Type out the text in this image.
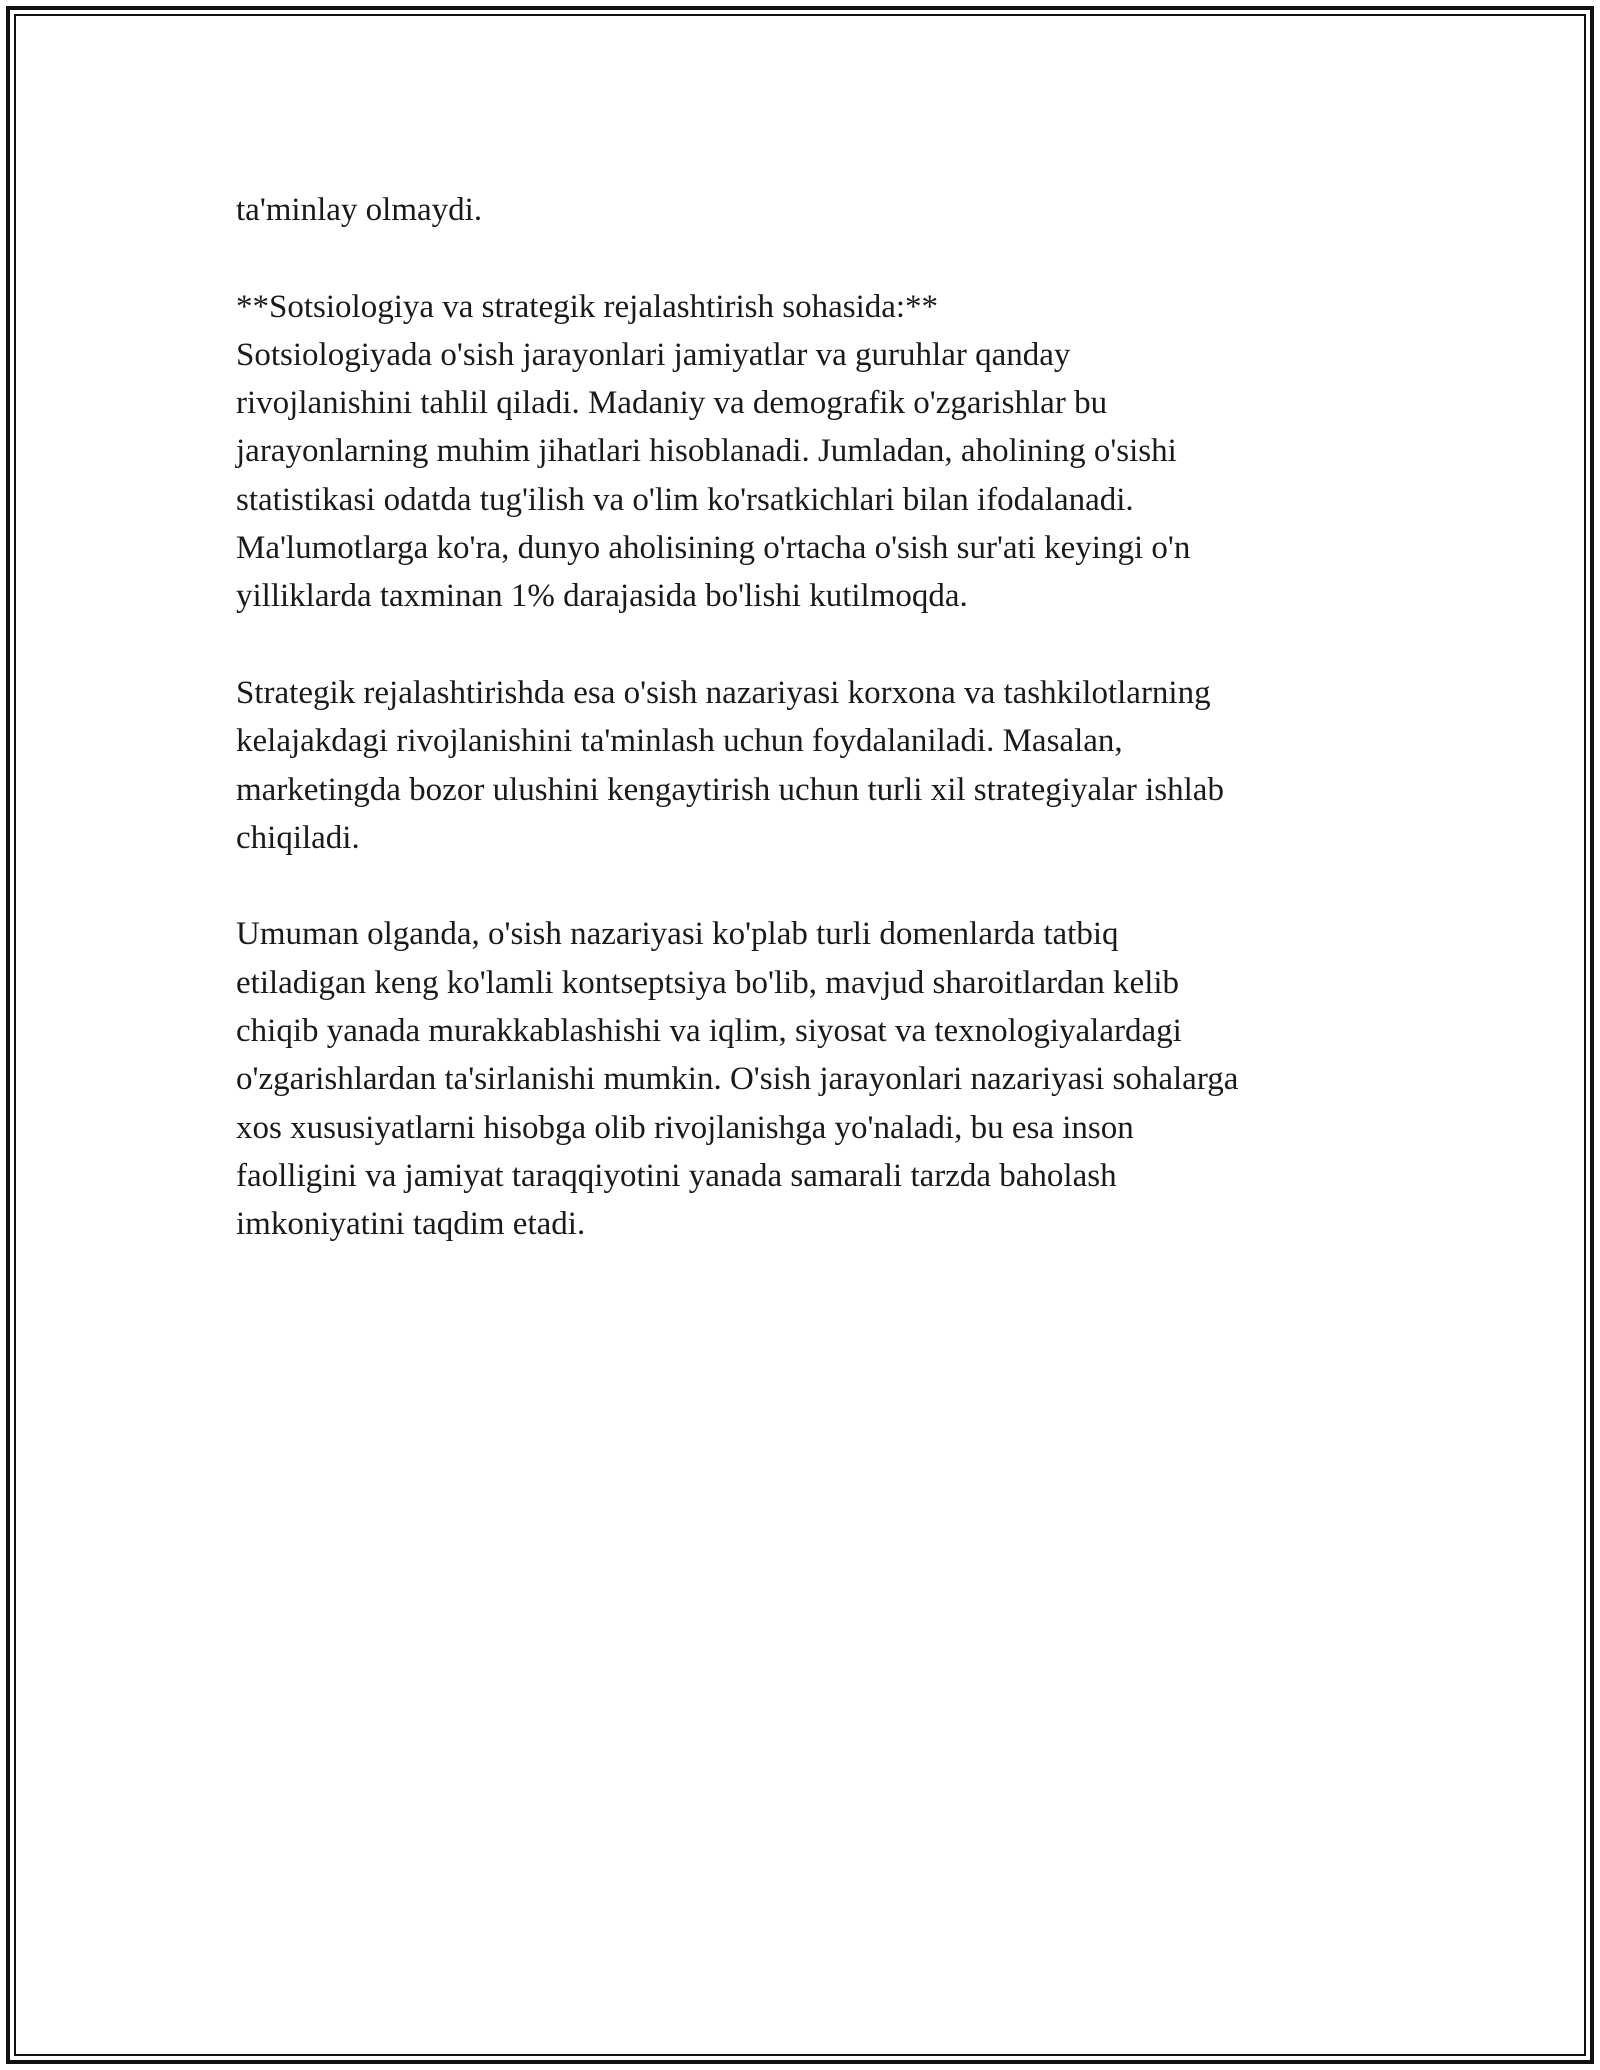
ta'minlay olmaydi.
**Sotsiologiya va strategik rejalashtirish sohasida:**
Sotsiologiyada o'sish jarayonlari jamiyatlar va guruhlar qanday
rivojlanishini tahlil qiladi. Madaniy va demografik o'zgarishlar bu
jarayonlarning muhim jihatlari hisoblanadi. Jumladan, aholining o'sishi
statistikasi odatda tug'ilish va o'lim ko'rsatkichlari bilan ifodalanadi.
Ma'lumotlarga ko'ra, dunyo aholisining o'rtacha o'sish sur'ati keyingi o'n
yilliklarda taxminan 1% darajasida bo'lishi kutilmoqda.
Strategik rejalashtirishda esa o'sish nazariyasi korxona va tashkilotlarning
kelajakdagi rivojlanishini ta'minlash uchun foydalaniladi. Masalan,
marketingda bozor ulushini kengaytirish uchun turli xil strategiyalar ishlab
chiqiladi.
Umuman olganda, o'sish nazariyasi ko'plab turli domenlarda tatbiq
etiladigan keng ko'lamli kontseptsiya bo'lib, mavjud sharoitlardan kelib
chiqib yanada murakkablashishi va iqlim, siyosat va texnologiyalardagi
o'zgarishlardan ta'sirlanishi mumkin. O'sish jarayonlari nazariyasi sohalarga
xos xususiyatlarni hisobga olib rivojlanishga yo'naladi, bu esa inson
faolligini va jamiyat taraqqiyotini yanada samarali tarzda baholash
imkoniyatini taqdim etadi.
